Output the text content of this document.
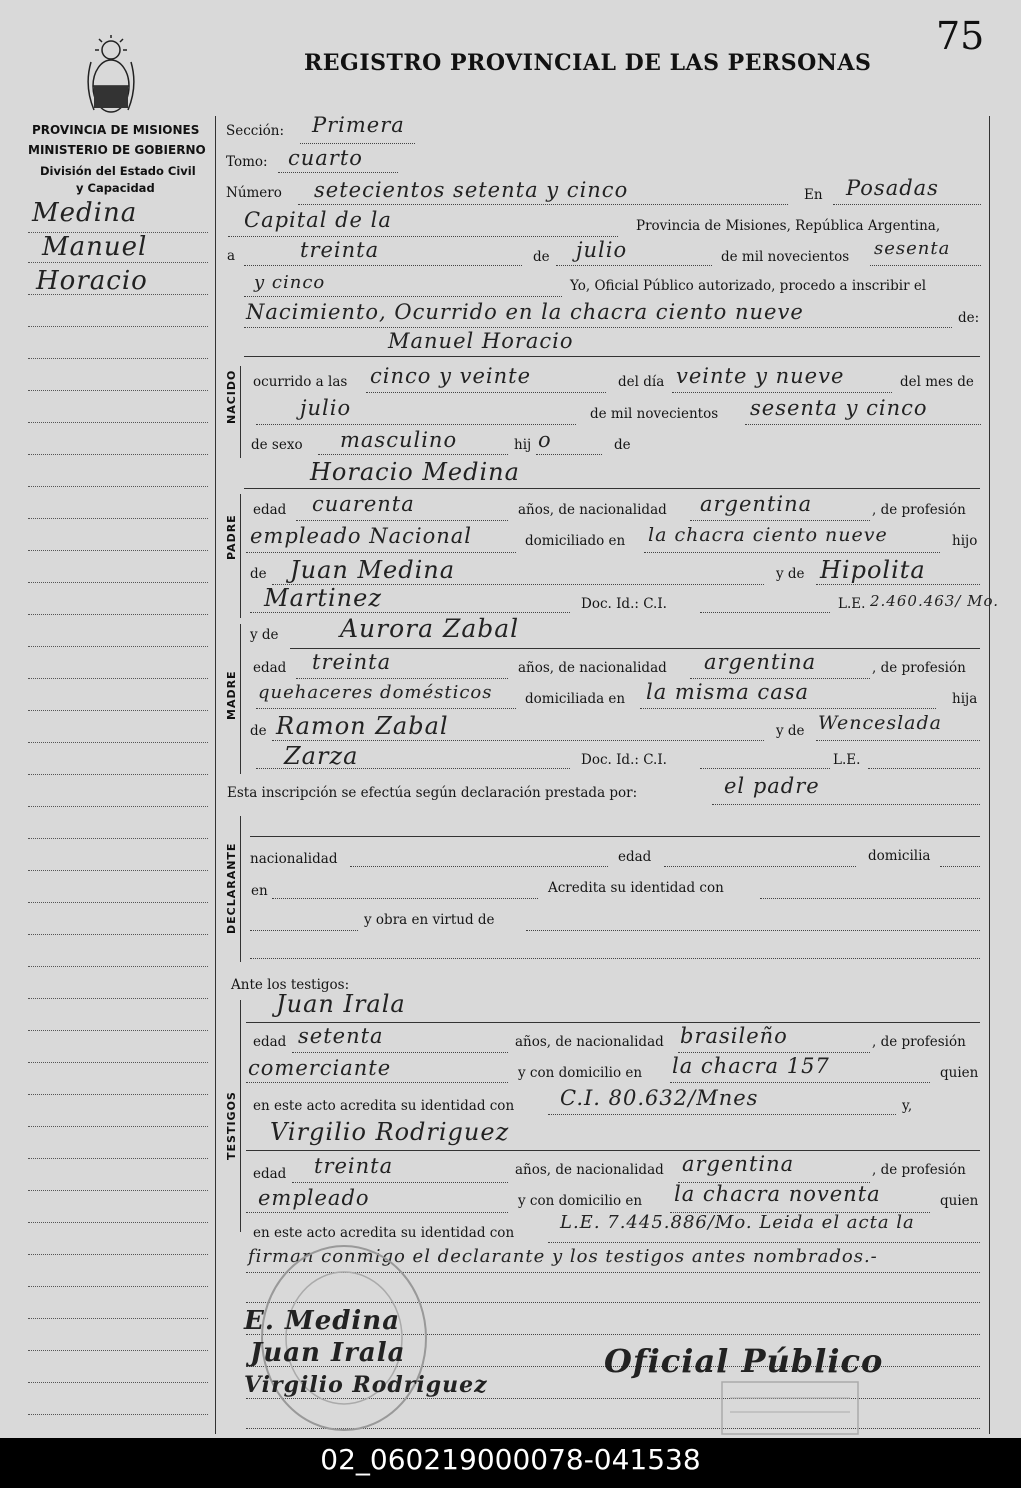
75
REGISTRO PROVINCIAL DE LAS PERSONAS
PROVINCIA DE MISIONES
MINISTERIO DE GOBIERNO
División del Estado Civil
y Capacidad
Medina
Manuel
Horacio
Sección: Primera
Tomo: cuarto
Número setecientos setenta y cinco	En Posadas
Capital de la	Provincia de Misiones, República Argentina,
a	treinta	de julio	de mil novecientos sesenta
y cinco	Yo, Oficial Público autorizado, procedo a inscribir el
Nacimiento, Ocurrido en la chacra ciento nueve	de:
Manuel Horacio
NACIDO ocurrido a las cinco y veinte	del día veinte y nueve	del mes de
julio	de mil novecientos sesenta y cinco
de sexo masculino	hij o	de
Horacio Medina
PADRE
edad cuarenta	años, de nacionalidad argentina	, de profesión
empleado Nacional	domiciliado en la chacra ciento nueve	hijo
de Juan Medina	y de Hipolita
Martinez	Doc. Id.: C.I.	L.E. 2.460.463/ Mo.
MADRE
y de Aurora Zabal
edad treinta	años, de nacionalidad argentina	, de profesión
quehaceres domésticos domiciliada en la misma casa	hija
de Ramon Zabal	y de Wenceslada
Zarza	Doc. Id.: C.I.	L.E.
Esta inscripción se efectúa según declaración prestada por:	el padre
DECLARANTE nacionalidad	edad	domicilia
en	Acredita su identidad con
y obra en virtud de
Ante los testigos:
TESTIGOS
Juan Irala
edad setenta	años, de nacionalidad brasileño	, de profesión
comerciante	y con domicilio en la chacra 157	quien
en este acto acredita su identidad con C.I. 80.632/Mnes	y,
Virgilio Rodriguez
edad treinta	años, de nacionalidad argentina	, de profesión
empleado	y con domicilio en la chacra noventa	quien
en este acto acredita su identidad con	L.E. 7.445.886/Mo. Leida el acta la
firman conmigo el declarante y los testigos antes nombrados.-
E. Medina
Juan Irala
Virgilio Rodriguez
Oficial Público
02_060219000078-041538
